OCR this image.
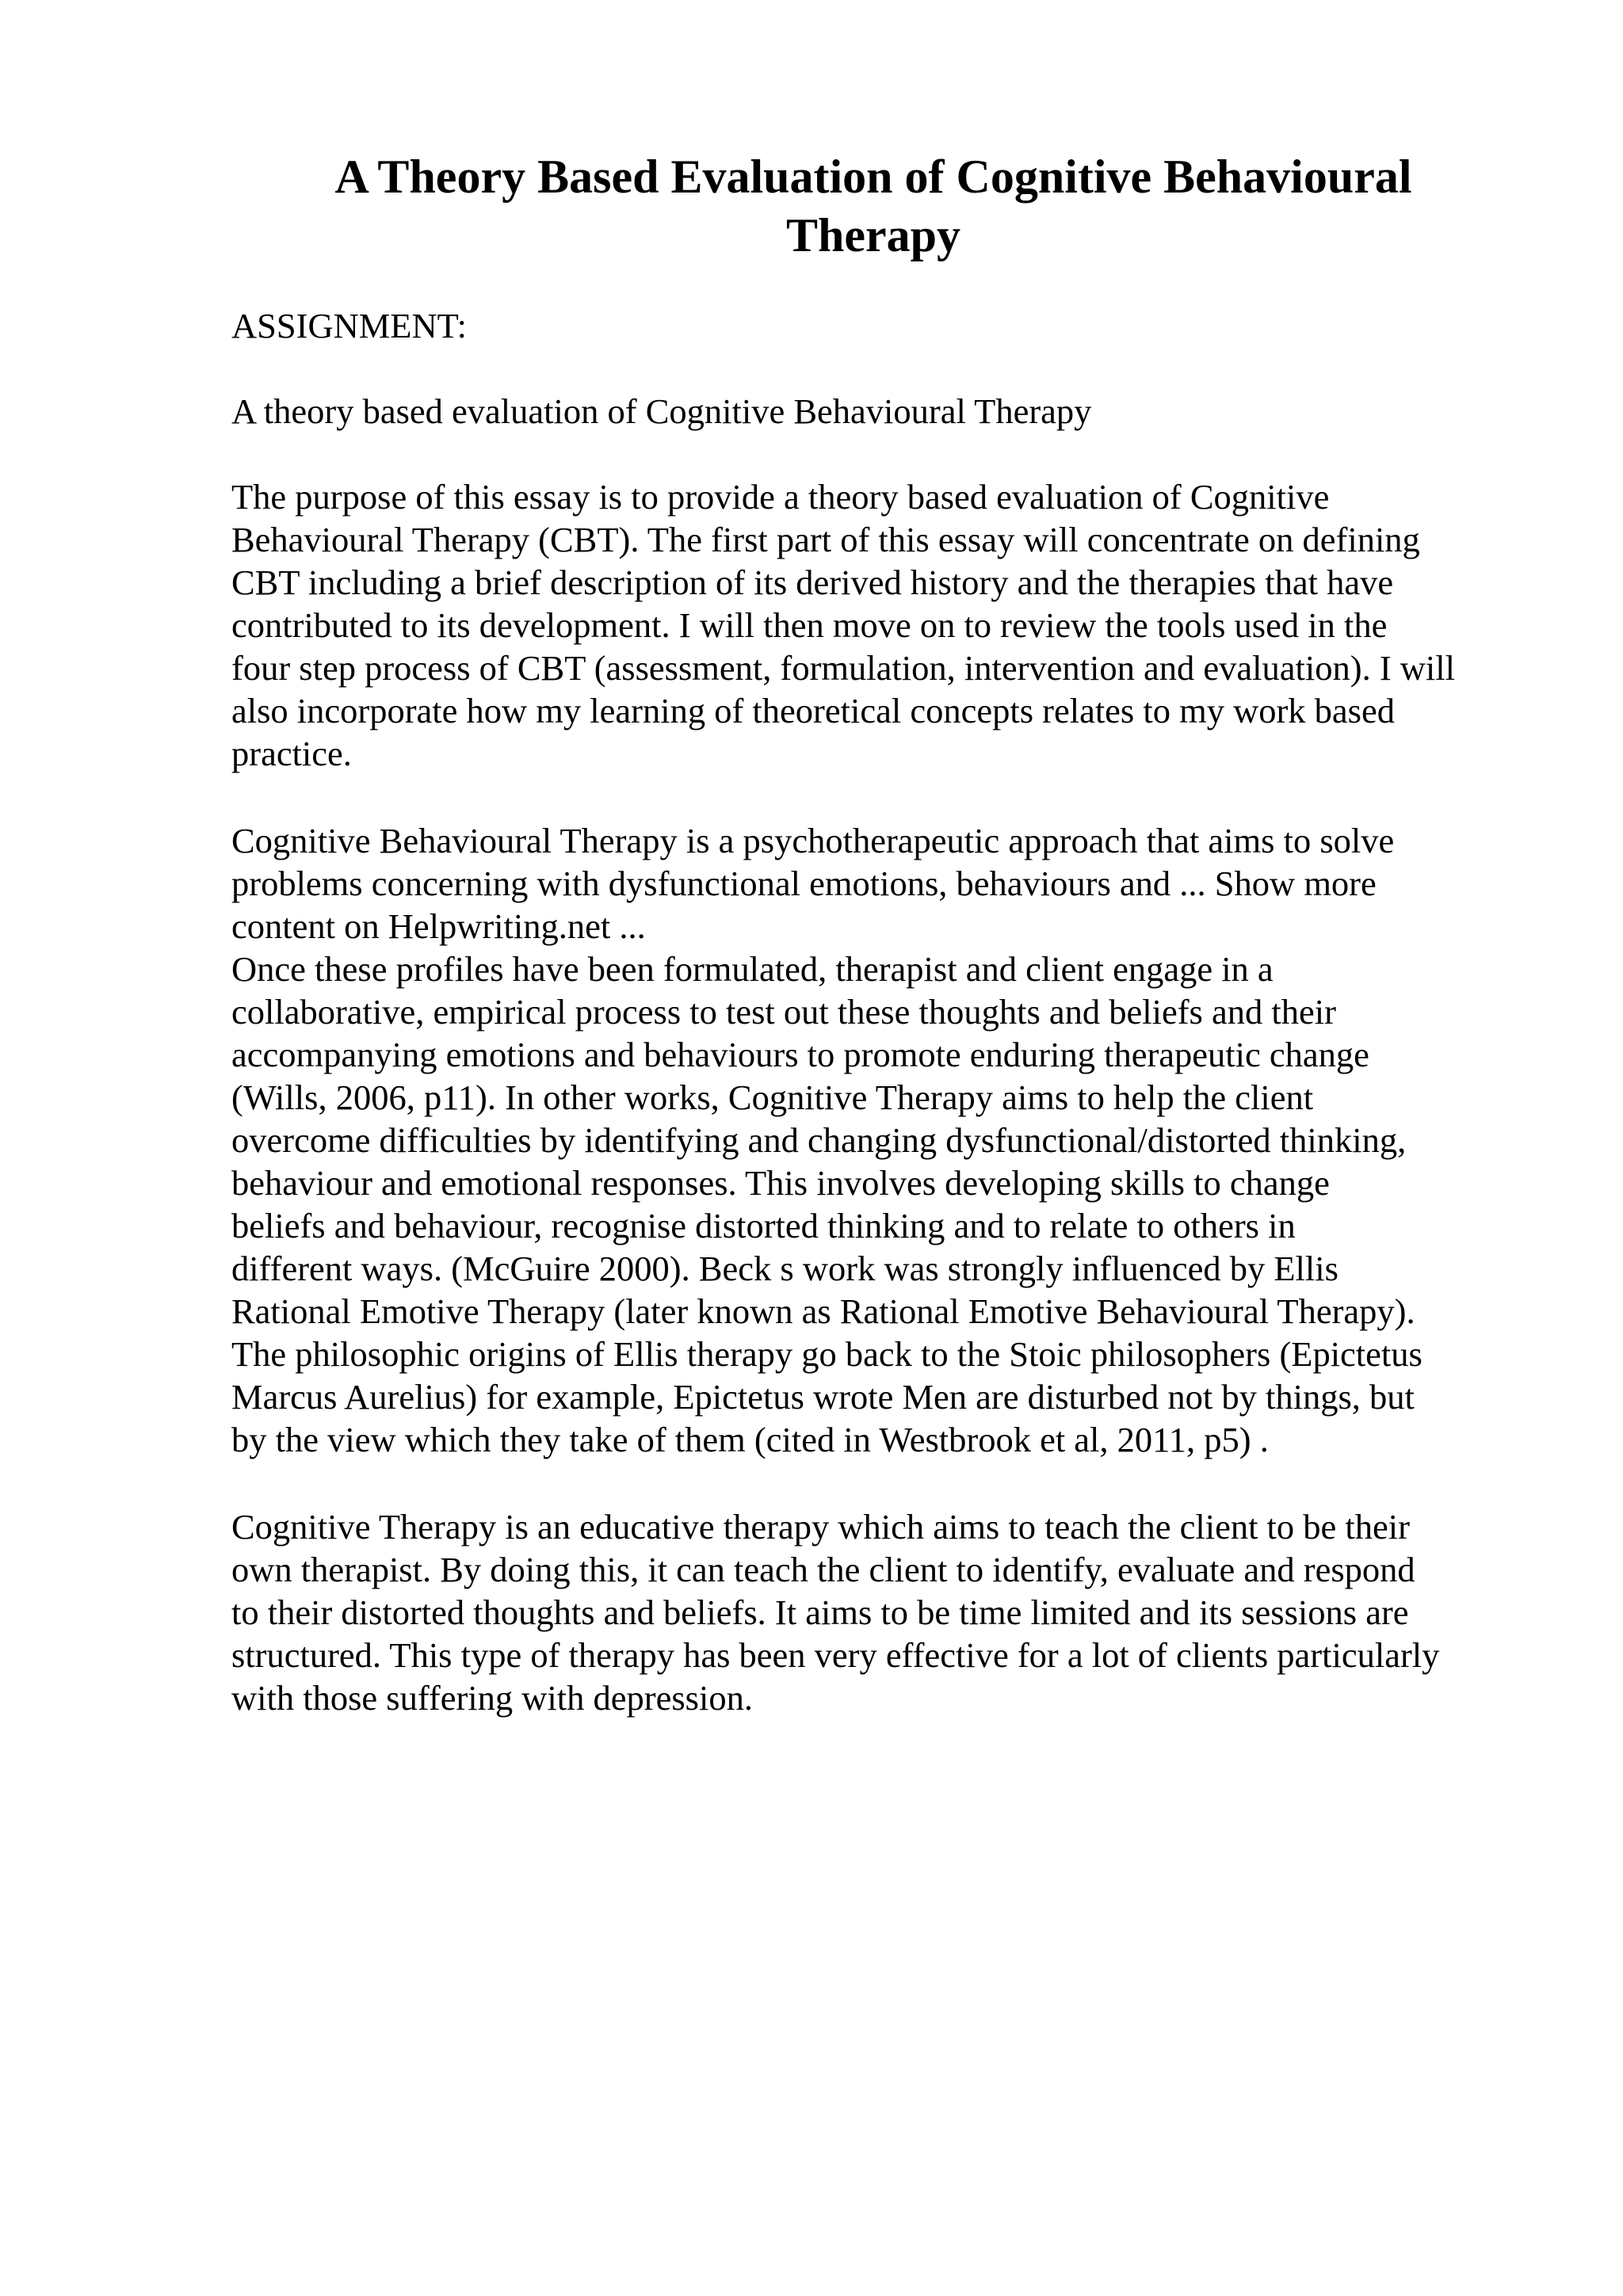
A Theory Based Evaluation of Cognitive Behavioural
Therapy

ASSIGNMENT:

A theory based evaluation of Cognitive Behavioural Therapy

The purpose of this essay is to provide a theory based evaluation of Cognitive
Behavioural Therapy (CBT). The first part of this essay will concentrate on defining
CBT including a brief description of its derived history and the therapies that have
contributed to its development. I will then move on to review the tools used in the
four step process of CBT (assessment, formulation, intervention and evaluation). I will
also incorporate how my learning of theoretical concepts relates to my work based
practice.

Cognitive Behavioural Therapy is a psychotherapeutic approach that aims to solve
problems concerning with dysfunctional emotions, behaviours and ... Show more
content on Helpwriting.net ...
Once these profiles have been formulated, therapist and client engage in a
collaborative, empirical process to test out these thoughts and beliefs and their
accompanying emotions and behaviours to promote enduring therapeutic change
(Wills, 2006, p11). In other works, Cognitive Therapy aims to help the client
overcome difficulties by identifying and changing dysfunctional/distorted thinking,
behaviour and emotional responses. This involves developing skills to change
beliefs and behaviour, recognise distorted thinking and to relate to others in
different ways. (McGuire 2000). Beck s work was strongly influenced by Ellis
Rational Emotive Therapy (later known as Rational Emotive Behavioural Therapy).
The philosophic origins of Ellis therapy go back to the Stoic philosophers (Epictetus
Marcus Aurelius) for example, Epictetus wrote Men are disturbed not by things, but
by the view which they take of them (cited in Westbrook et al, 2011, p5) .

Cognitive Therapy is an educative therapy which aims to teach the client to be their
own therapist. By doing this, it can teach the client to identify, evaluate and respond
to their distorted thoughts and beliefs. It aims to be time limited and its sessions are
structured. This type of therapy has been very effective for a lot of clients particularly
with those suffering with depression.
